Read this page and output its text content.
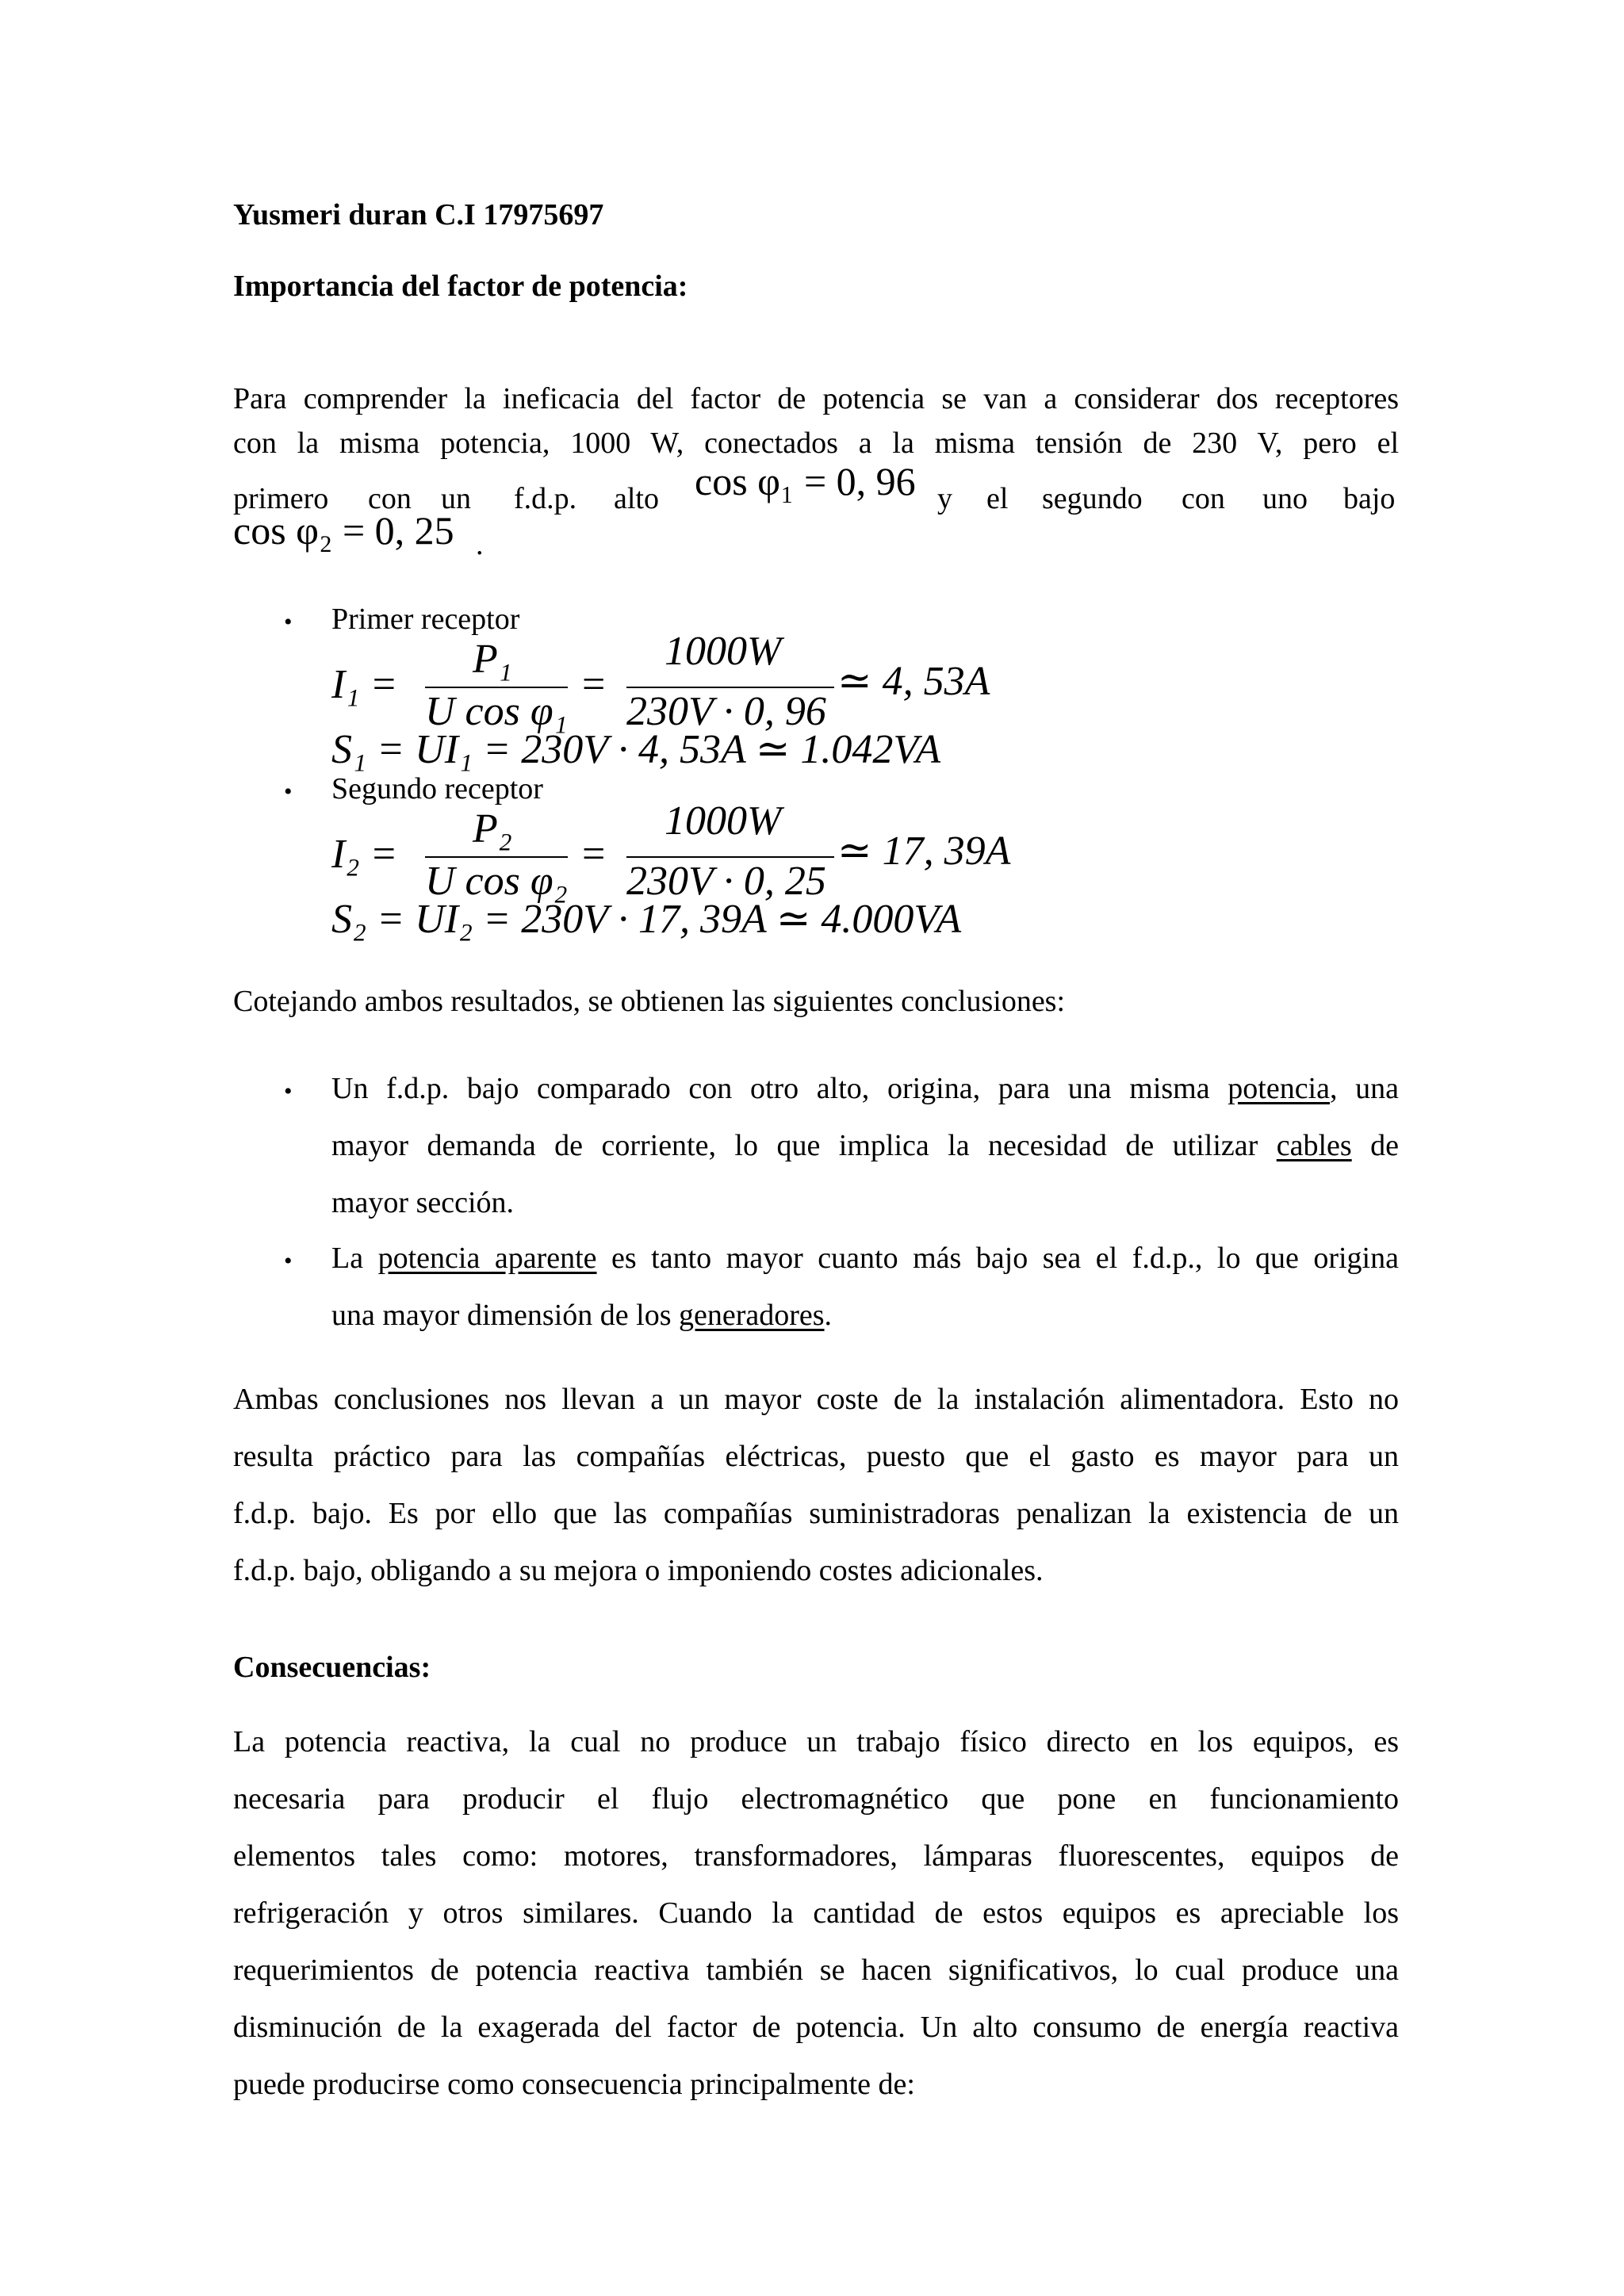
Yusmeri duran C.I 17975697
Importancia del factor de potencia:
Para comprender la ineficacia del factor de potencia se van a considerar dos receptores
con la misma potencia, 1000 W, conectados a la misma tensión de 230 V, pero el
primero con un f.d.p. alto cos φ₁ = 0, 96 y el segundo con uno bajo
cos φ₂ = 0, 25 .
• Primer receptor
I₁ =
P₁
U cos φ₁
=
1000W
230V · 0, 96
≃ 4, 53A
S₁ = UI₁ = 230V · 4, 53A ≃ 1.042VA
• Segundo receptor
I₂ =
P₂
U cos φ₂
=
1000W
230V · 0, 25
≃ 17, 39A
S₂ = UI₂ = 230V · 17, 39A ≃ 4.000VA
Cotejando ambos resultados, se obtienen las siguientes conclusiones:
• Un f.d.p. bajo comparado con otro alto, origina, para una misma potencia, una
mayor demanda de corriente, lo que implica la necesidad de utilizar cables de
mayor sección.
• La potencia aparente es tanto mayor cuanto más bajo sea el f.d.p., lo que origina
una mayor dimensión de los generadores.
Ambas conclusiones nos llevan a un mayor coste de la instalación alimentadora. Esto no
resulta práctico para las compañías eléctricas, puesto que el gasto es mayor para un
f.d.p. bajo. Es por ello que las compañías suministradoras penalizan la existencia de un
f.d.p. bajo, obligando a su mejora o imponiendo costes adicionales.
Consecuencias:
La potencia reactiva, la cual no produce un trabajo físico directo en los equipos, es
necesaria para producir el flujo electromagnético que pone en funcionamiento
elementos tales como: motores, transformadores, lámparas fluorescentes, equipos de
refrigeración y otros similares. Cuando la cantidad de estos equipos es apreciable los
requerimientos de potencia reactiva también se hacen significativos, lo cual produce una
disminución de la exagerada del factor de potencia. Un alto consumo de energía reactiva
puede producirse como consecuencia principalmente de:
